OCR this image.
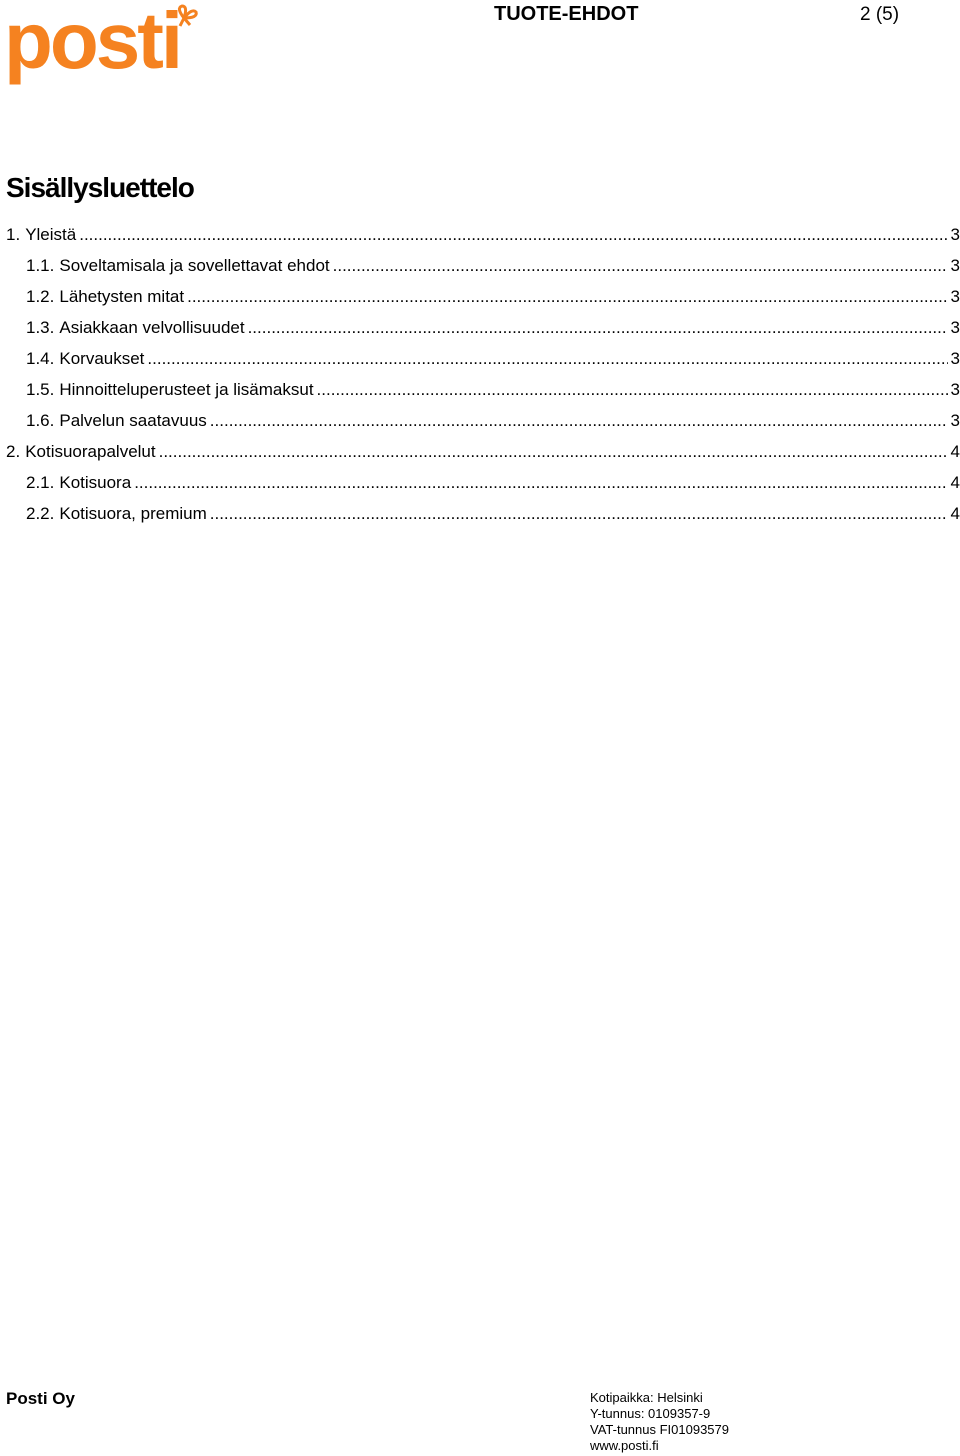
posti	TUOTE-EHDOT	2 (5)
Sisällysluettelo
1. Yleistä .....	3
1.1. Soveltamisala ja sovellettavat ehdot .....	3
1.2. Lähetysten mitat .....	3
1.3. Asiakkaan velvollisuudet .....	3
1.4. Korvaukset .....	3
1.5. Hinnoitteluperusteet ja lisämaksut .....	3
1.6. Palvelun saatavuus .....	3
2. Kotisuorapalvelut .....	4
2.1. Kotisuora .....	4
2.2. Kotisuora, premium .....	4
Posti Oy	Kotipaikka: Helsinki
Y-tunnus: 0109357-9
VAT-tunnus FI01093579
www.posti.fi
